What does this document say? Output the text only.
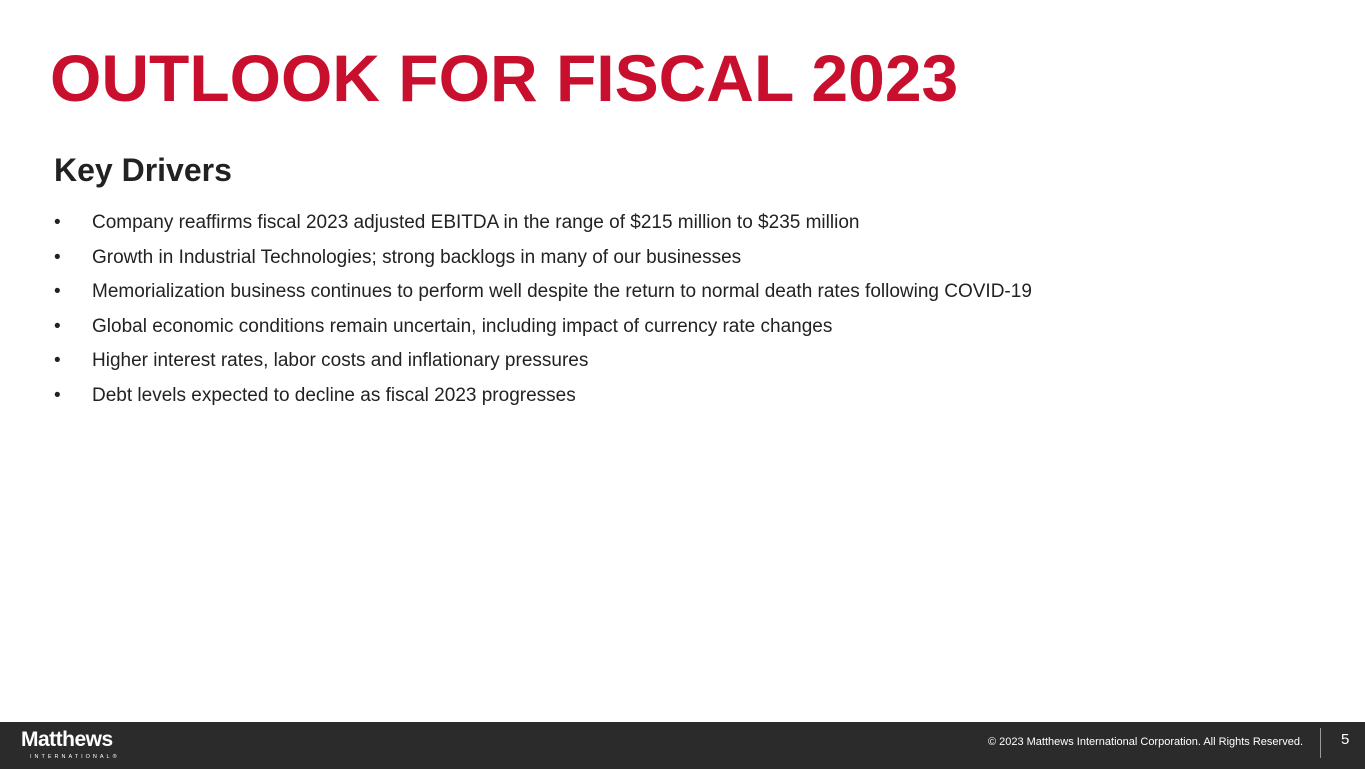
OUTLOOK FOR FISCAL 2023
Key Drivers
•	Company reaffirms fiscal 2023 adjusted EBITDA in the range of $215 million to $235 million
•	Growth in Industrial Technologies; strong backlogs in many of our businesses
•	Memorialization business continues to perform well despite the return to normal death rates following COVID-19
•	Global economic conditions remain uncertain, including impact of currency rate changes
•	Higher interest rates, labor costs and inflationary pressures
•	Debt levels expected to decline as fiscal 2023 progresses
Matthews
INTERNATIONAL®
© 2023 Matthews International Corporation. All Rights Reserved.	5
